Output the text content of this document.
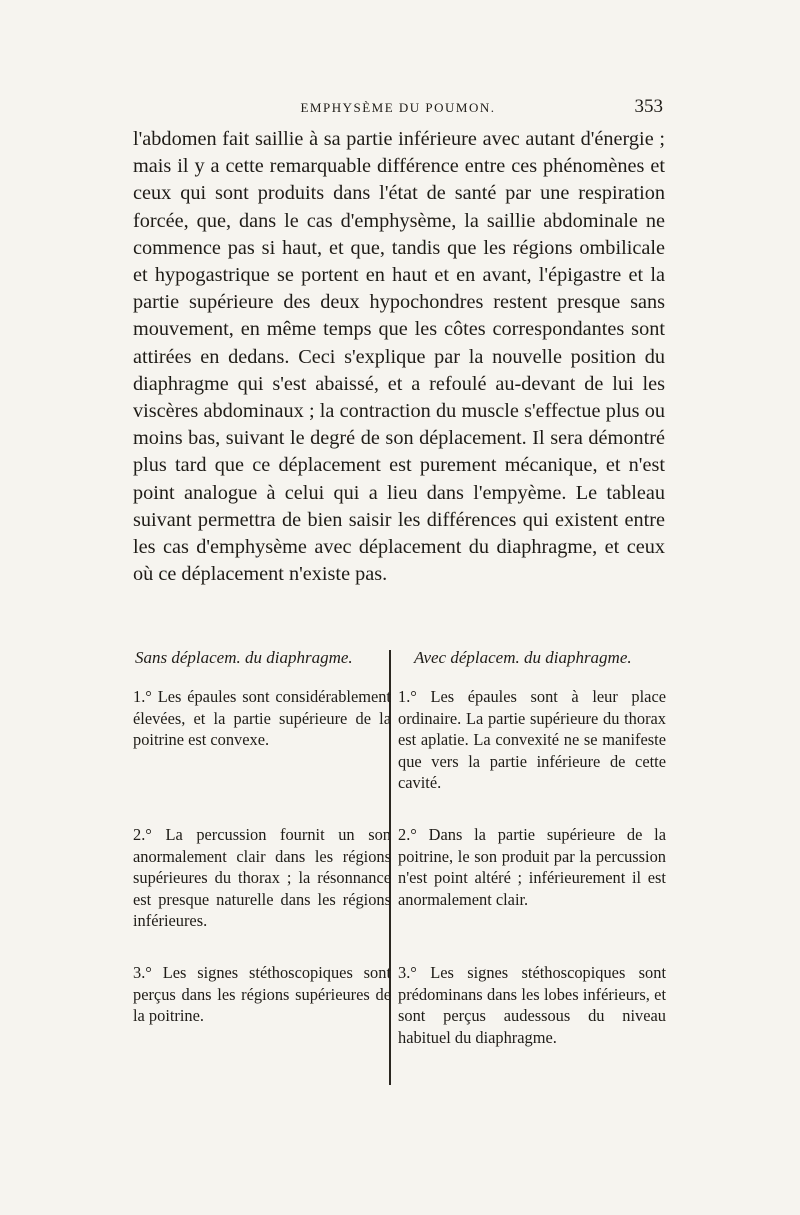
EMPHYSÈME DU POUMON.	353

l'abdomen fait saillie à sa partie inférieure avec autant d'énergie ; mais il y a cette remarquable différence entre ces phénomènes et ceux qui sont produits dans l'état de santé par une respiration forcée, que, dans le cas d'emphysème, la saillie abdominale ne commence pas si haut, et que, tandis que les régions ombilicale et hypogastrique se portent en haut et en avant, l'épigastre et la partie supérieure des deux hypochondres restent presque sans mouvement, en même temps que les côtes correspondantes sont attirées en dedans. Ceci s'explique par la nouvelle position du diaphragme qui s'est abaissé, et a refoulé au-devant de lui les viscères abdominaux ; la contraction du muscle s'effectue plus ou moins bas, suivant le degré de son déplacement. Il sera démontré plus tard que ce déplacement est purement mécanique, et n'est point analogue à celui qui a lieu dans l'empyème. Le tableau suivant permettra de bien saisir les différences qui existent entre les cas d'emphysème avec déplacement du diaphragme, et ceux où ce déplacement n'existe pas.

Sans déplacem. du diaphragme.

1.° Les épaules sont considérablement élevées, et la partie supérieure de la poitrine est convexe.

2.° La percussion fournit un son anormalement clair dans les régions supérieures du thorax ; la résonnance est presque naturelle dans les régions inférieures.

3.° Les signes stéthoscopiques sont perçus dans les régions supérieures de la poitrine.

Avec déplacem. du diaphragme.

1.° Les épaules sont à leur place ordinaire. La partie supérieure du thorax est aplatie. La convexité ne se manifeste que vers la partie inférieure de cette cavité.

2.° Dans la partie supérieure de la poitrine, le son produit par la percussion n'est point altéré ; inférieurement il est anormalement clair.

3.° Les signes stéthoscopiques sont prédominans dans les lobes inférieurs, et sont perçus audessous du niveau habituel du diaphragme.
